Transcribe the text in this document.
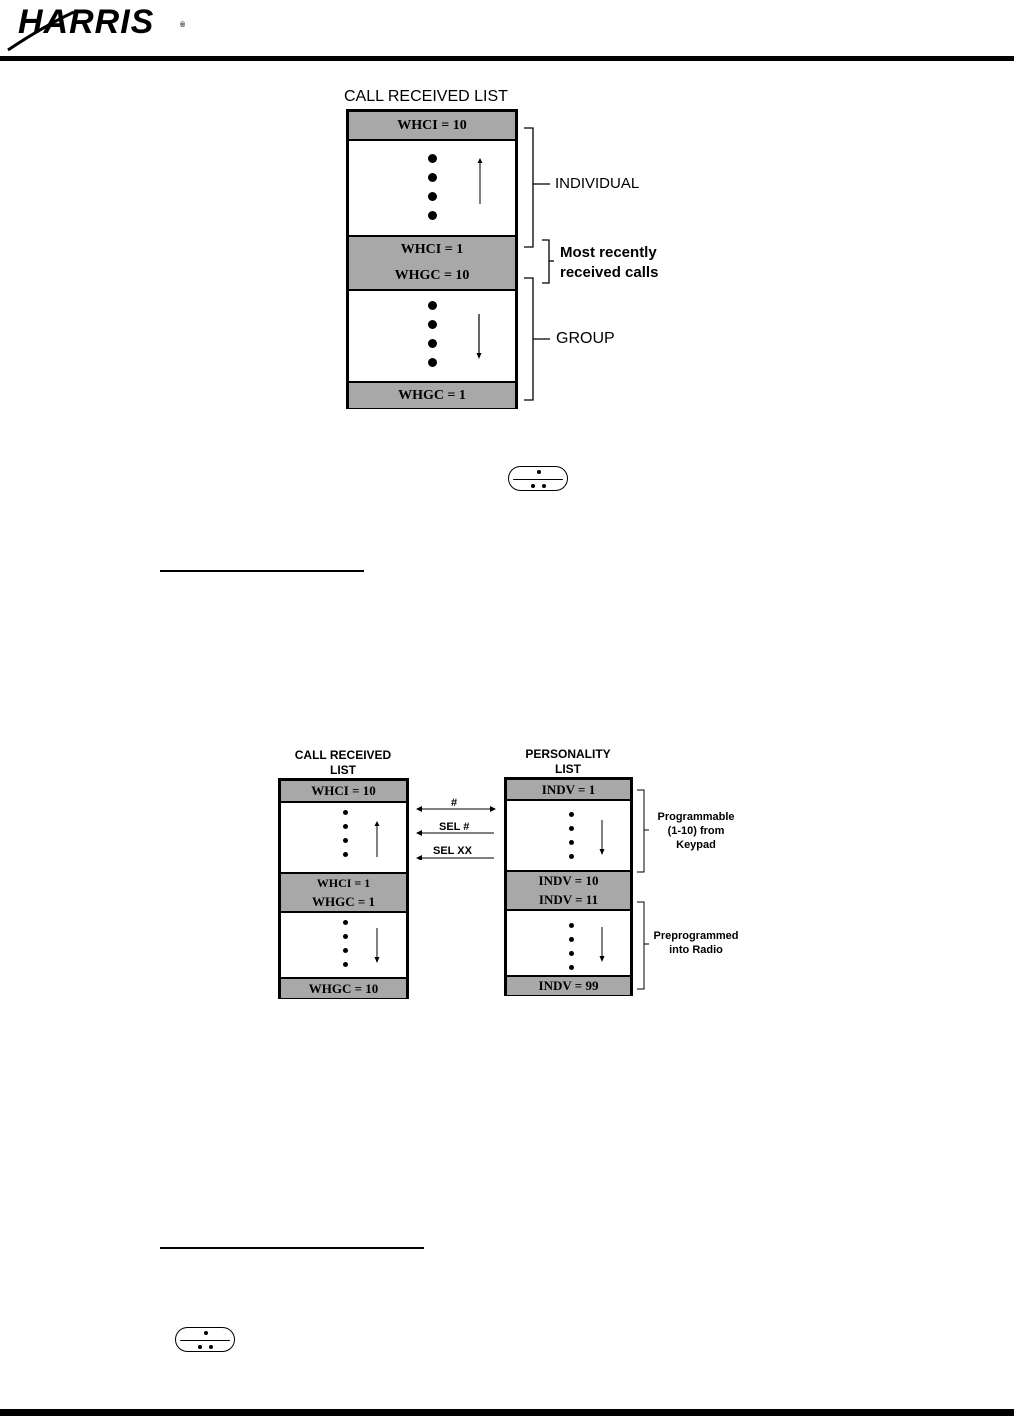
HARRIS	®
CALL RECEIVED LIST
WHCI = 10
WHCI = 1
WHGC = 10
WHGC = 1
INDIVIDUAL
Most recently
received calls
GROUP
CALL RECEIVED
LIST
PERSONALITY
LIST
WHCI = 10
WHCI = 1
WHGC = 1
WHGC = 10
#
SEL #
SEL XX
INDV = 1
INDV = 10
INDV = 11
INDV = 99
Programmable
(1-10) from
Keypad
Preprogrammed
into Radio
